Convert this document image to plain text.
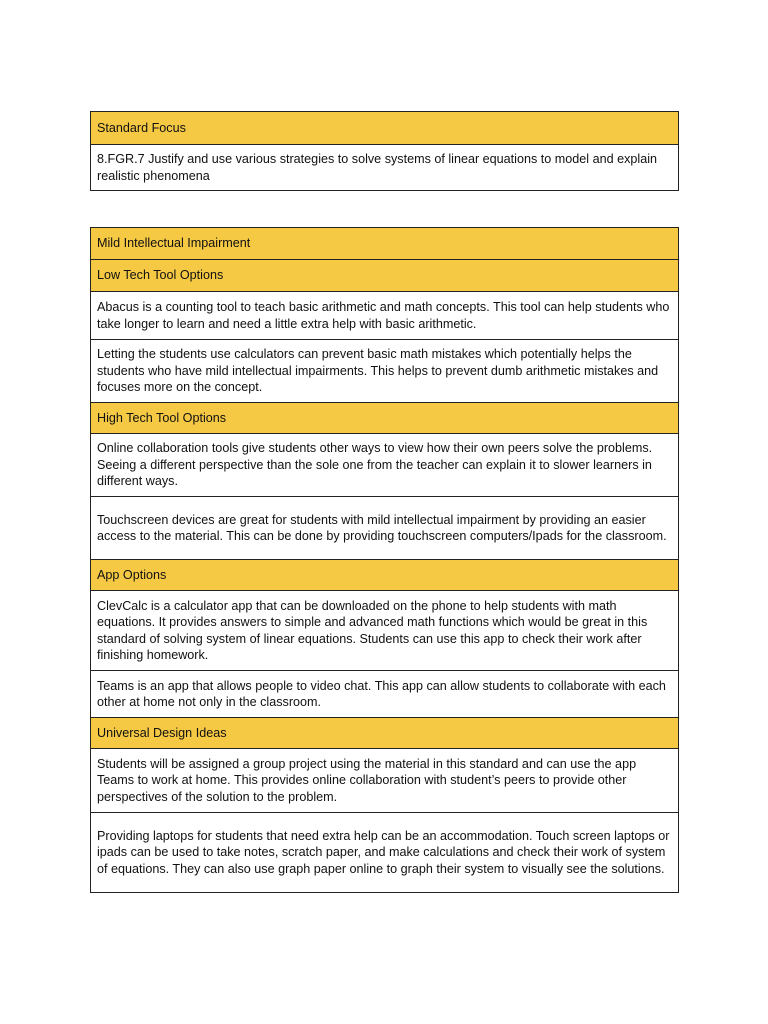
Standard Focus
8.FGR.7 Justify and use various strategies to solve systems of linear equations to model and explain realistic phenomena
Mild Intellectual Impairment
Low Tech Tool Options
Abacus is a counting tool to teach basic arithmetic and math concepts. This tool can help students who take longer to learn and need a little extra help with basic arithmetic.
Letting the students use calculators can prevent basic math mistakes which potentially helps the students who have mild intellectual impairments. This helps to prevent dumb arithmetic mistakes and focuses more on the concept.
High Tech Tool Options
Online collaboration tools give students other ways to view how their own peers solve the problems. Seeing a different perspective than the sole one from the teacher can explain it to slower learners in different ways.
Touchscreen devices are great for students with mild intellectual impairment by providing an easier access to the material. This can be done by providing touchscreen computers/Ipads for the classroom.
App Options
ClevCalc is a calculator app that can be downloaded on the phone to help students with math equations. It provides answers to simple and advanced math functions which would be great in this standard of solving system of linear equations. Students can use this app to check their work after finishing homework.
Teams is an app that allows people to video chat. This app can allow students to collaborate with each other at home not only in the classroom.
Universal Design Ideas
Students will be assigned a group project using the material in this standard and can use the app Teams to work at home. This provides online collaboration with student’s peers to provide other perspectives of the solution to the problem.
Providing laptops for students that need extra help can be an accommodation. Touch screen laptops or ipads can be used to take notes, scratch paper, and make calculations and check their work of system of equations. They can also use graph paper online to graph their system to visually see the solutions.
